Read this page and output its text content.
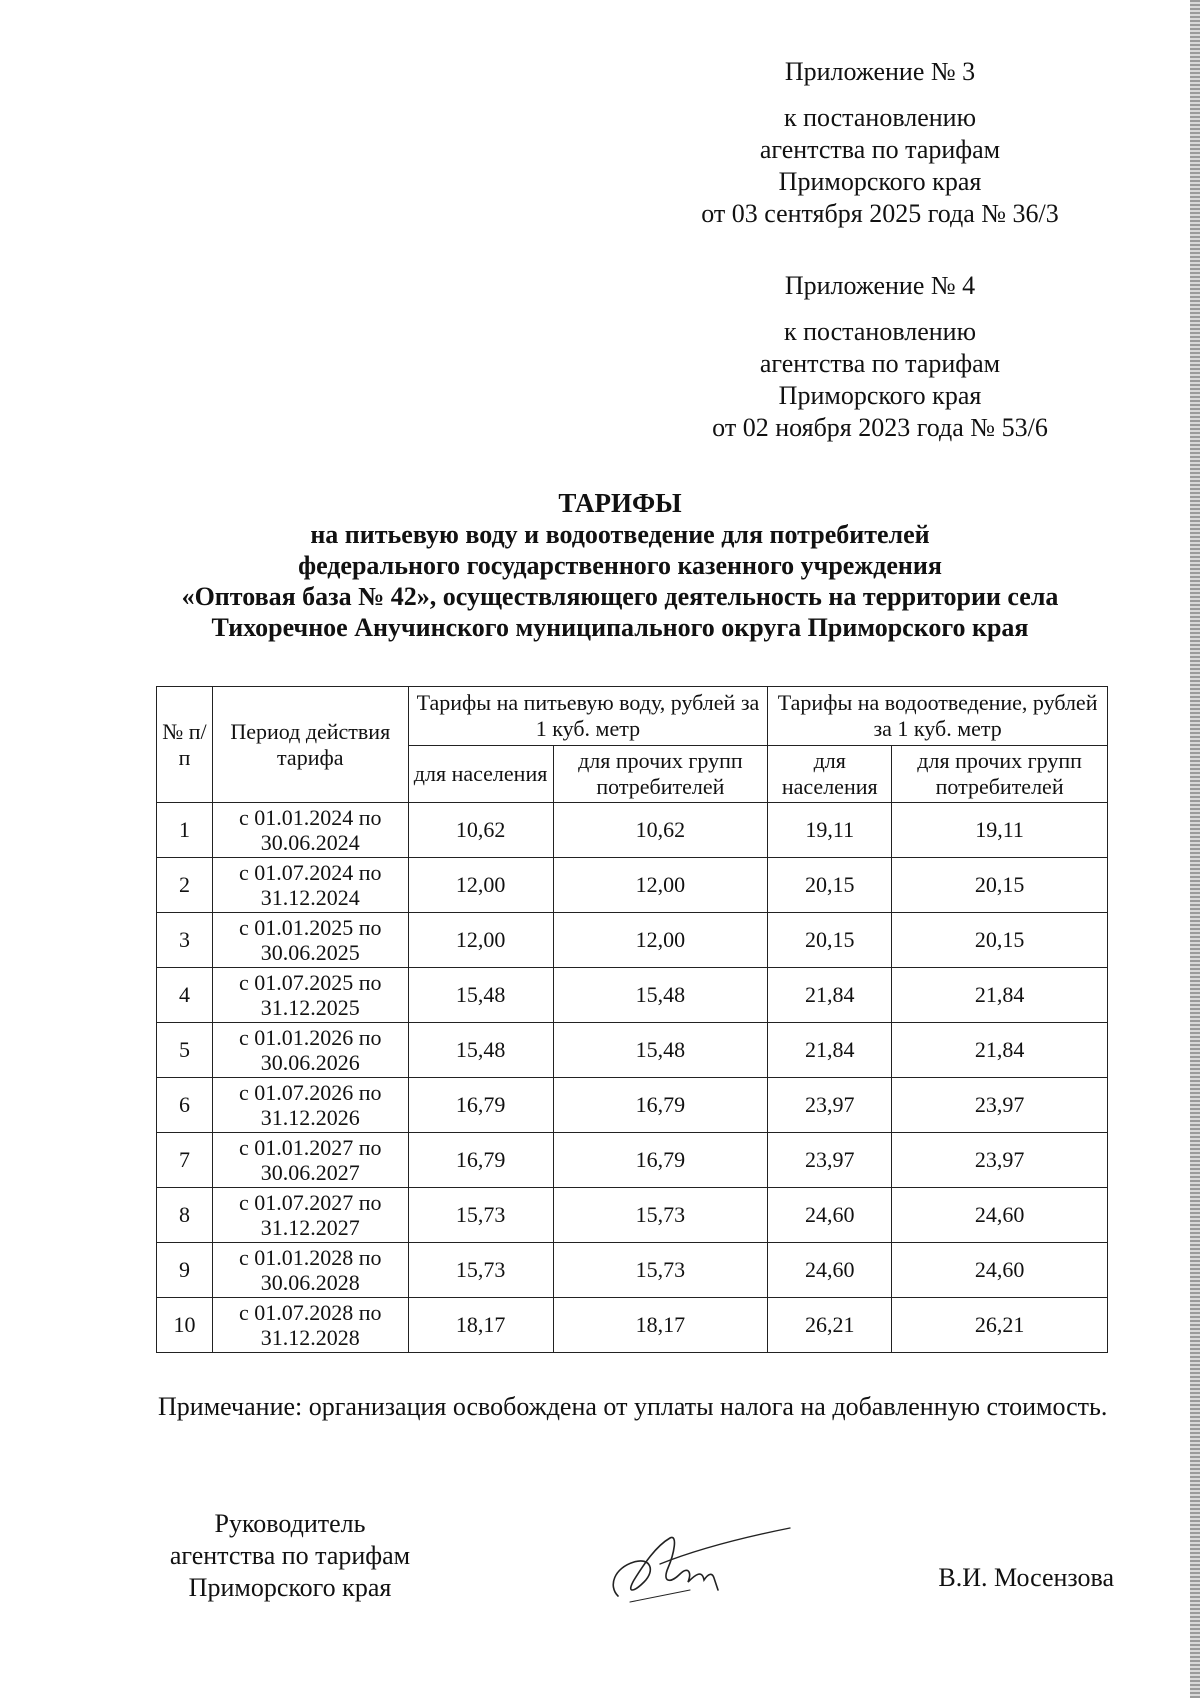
Приложение № 3
к постановлению
агентства по тарифам
Приморского края
от 03 сентября 2025 года № 36/3
Приложение № 4
к постановлению
агентства по тарифам
Приморского края
от 02 ноября 2023 года № 53/6
ТАРИФЫ
на питьевую воду и водоотведение для потребителей
федерального государственного казенного учреждения
«Оптовая база № 42», осуществляющего деятельность на территории села
Тихоречное Анучинского муниципального округа Приморского края
№ п/п	Период действия тарифа	Тарифы на питьевую воду, рублей за 1 куб. метр		Тарифы на водоотведение, рублей за 1 куб. метр	
		для населения	для прочих групп потребителей	для населения	для прочих групп потребителей
1	с 01.01.2024 по 30.06.2024	10,62	10,62	19,11	19,11
2	с 01.07.2024 по 31.12.2024	12,00	12,00	20,15	20,15
3	с 01.01.2025 по 30.06.2025	12,00	12,00	20,15	20,15
4	с 01.07.2025 по 31.12.2025	15,48	15,48	21,84	21,84
5	с 01.01.2026 по 30.06.2026	15,48	15,48	21,84	21,84
6	с 01.07.2026 по 31.12.2026	16,79	16,79	23,97	23,97
7	с 01.01.2027 по 30.06.2027	16,79	16,79	23,97	23,97
8	с 01.07.2027 по 31.12.2027	15,73	15,73	24,60	24,60
9	с 01.01.2028 по 30.06.2028	15,73	15,73	24,60	24,60
10	с 01.07.2028 по 31.12.2028	18,17	18,17	26,21	26,21
Примечание: организация освобождена от уплаты налога на добавленную стоимость.
Руководитель
агентства по тарифам
Приморского края	В.И. Мосензова
